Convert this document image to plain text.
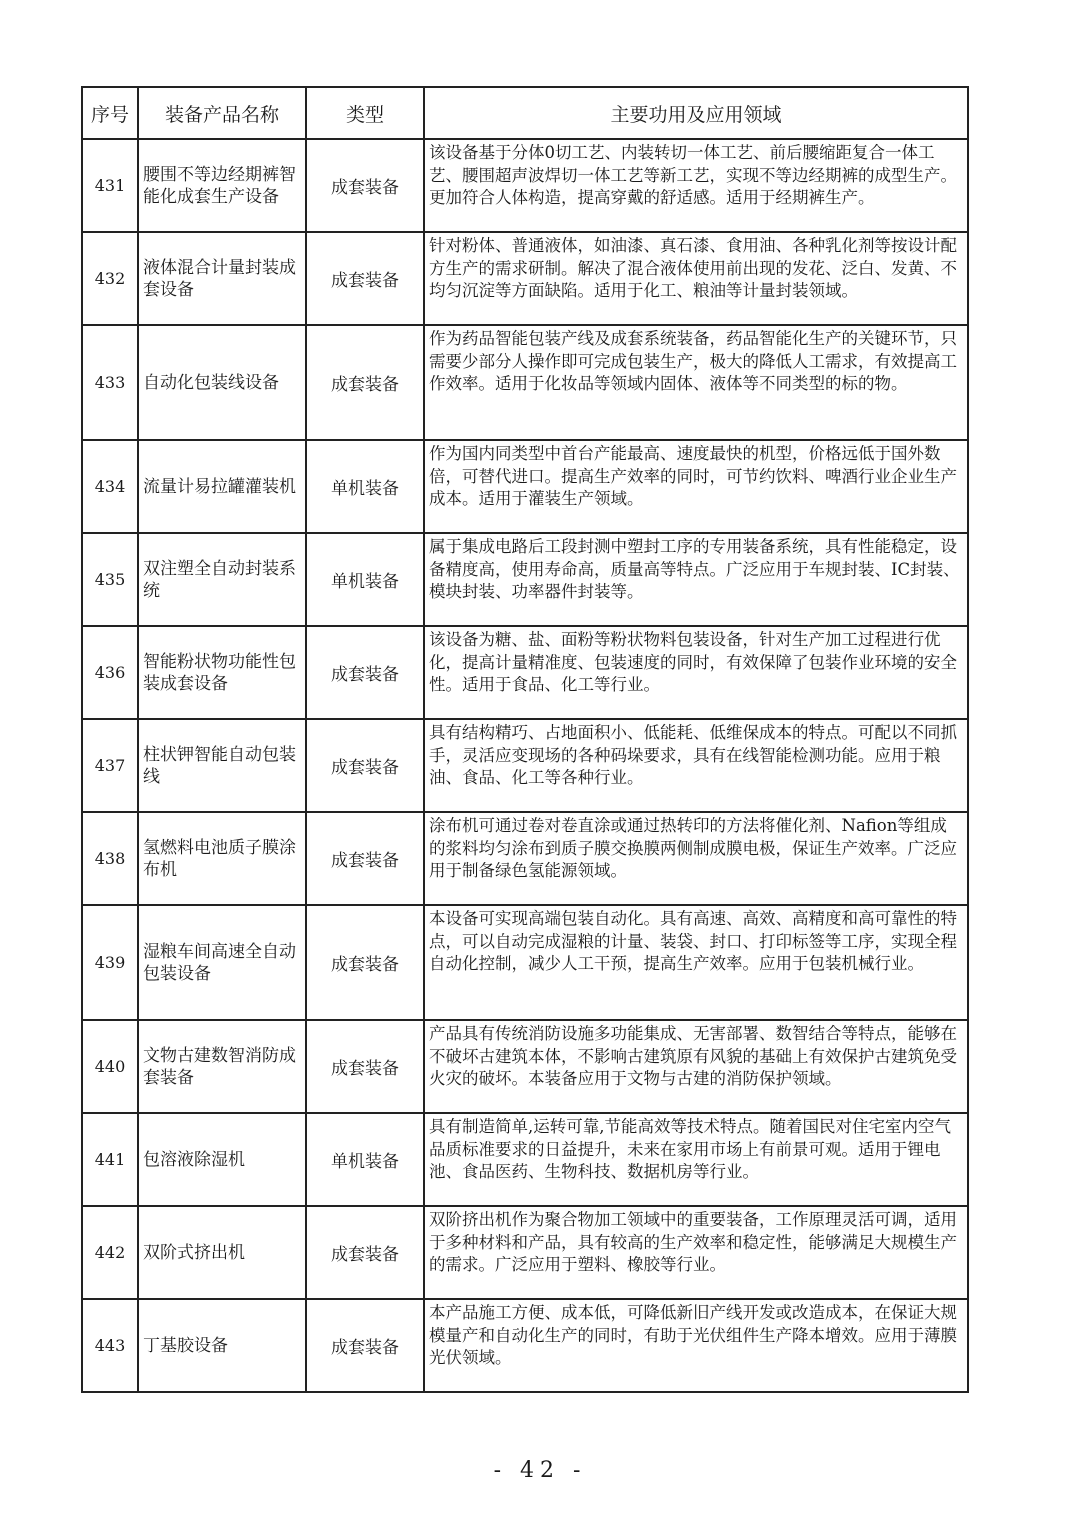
序号	装备产品名称	类型	主要功用及应用领域
431	腰围不等边经期裤智能化成套生产设备	成套装备	该设备基于分体0切工艺、内装转切一体工艺、前后腰缩距复合一体工艺、腰围超声波焊切一体工艺等新工艺，实现不等边经期裤的成型生产。更加符合人体构造，提高穿戴的舒适感。适用于经期裤生产。
432	液体混合计量封装成套设备	成套装备	针对粉体、普通液体，如油漆、真石漆、食用油、各种乳化剂等按设计配方生产的需求研制。解决了混合液体使用前出现的发花、泛白、发黄、不均匀沉淀等方面缺陷。适用于化工、粮油等计量封装领域。
433	自动化包装线设备	成套装备	作为药品智能包装产线及成套系统装备，药品智能化生产的关键环节，只需要少部分人操作即可完成包装生产，极大的降低人工需求，有效提高工作效率。适用于化妆品等领域内固体、液体等不同类型的标的物。
434	流量计易拉罐灌装机	单机装备	作为国内同类型中首台产能最高、速度最快的机型，价格远低于国外数倍，可替代进口。提高生产效率的同时，可节约饮料、啤酒行业企业生产成本。适用于灌装生产领域。
435	双注塑全自动封装系统	单机装备	属于集成电路后工段封测中塑封工序的专用装备系统，具有性能稳定，设备精度高，使用寿命高，质量高等特点。广泛应用于车规封装、IC封装、模块封装、功率器件封装等。
436	智能粉状物功能性包装成套设备	成套装备	该设备为糖、盐、面粉等粉状物料包装设备，针对生产加工过程进行优化，提高计量精准度、包装速度的同时，有效保障了包装作业环境的安全性。适用于食品、化工等行业。
437	柱状钾智能自动包装线	成套装备	具有结构精巧、占地面积小、低能耗、低维保成本的特点。可配以不同抓手，灵活应变现场的各种码垛要求，具有在线智能检测功能。应用于粮油、食品、化工等各种行业。
438	氢燃料电池质子膜涂布机	成套装备	涂布机可通过卷对卷直涂或通过热转印的方法将催化剂、Nafion等组成的浆料均匀涂布到质子膜交换膜两侧制成膜电极，保证生产效率。广泛应用于制备绿色氢能源领域。
439	湿粮车间高速全自动包装设备	成套装备	本设备可实现高端包装自动化。具有高速、高效、高精度和高可靠性的特点，可以自动完成湿粮的计量、装袋、封口、打印标签等工序，实现全程自动化控制，减少人工干预，提高生产效率。应用于包装机械行业。
440	文物古建数智消防成套装备	成套装备	产品具有传统消防设施多功能集成、无害部署、数智结合等特点，能够在不破坏古建筑本体，不影响古建筑原有风貌的基础上有效保护古建筑免受火灾的破坏。本装备应用于文物与古建的消防保护领域。
441	包溶液除湿机	单机装备	具有制造简单,运转可靠,节能高效等技术特点。随着国民对住宅室内空气品质标准要求的日益提升，未来在家用市场上有前景可观。适用于锂电池、食品医药、生物科技、数据机房等行业。
442	双阶式挤出机	成套装备	双阶挤出机作为聚合物加工领域中的重要装备，工作原理灵活可调，适用于多种材料和产品，具有较高的生产效率和稳定性，能够满足大规模生产的需求。广泛应用于塑料、橡胶等行业。
443	丁基胶设备	成套装备	本产品施工方便、成本低，可降低新旧产线开发或改造成本，在保证大规模量产和自动化生产的同时，有助于光伏组件生产降本增效。应用于薄膜光伏领域。
- 42 -
